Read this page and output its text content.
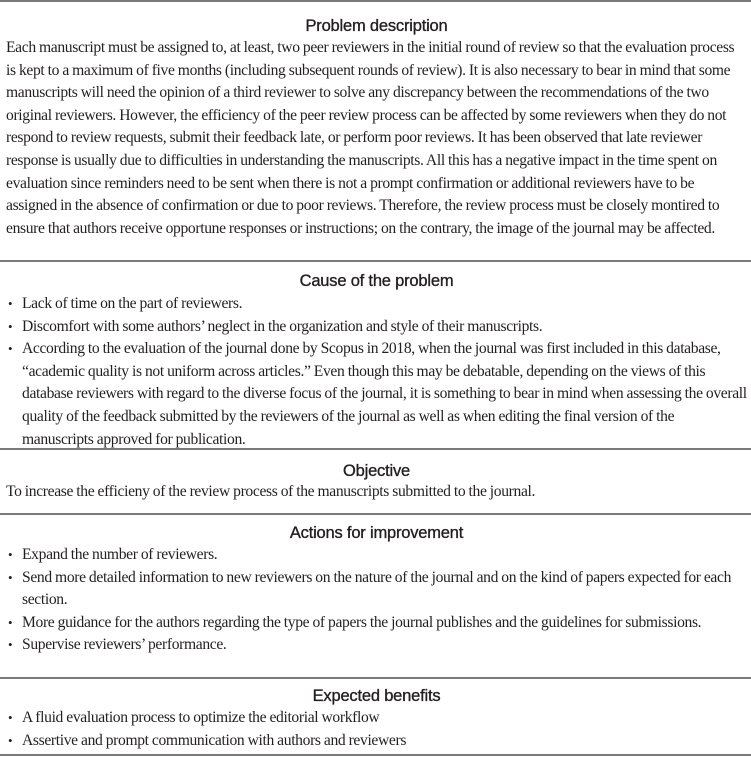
Problem description

Each manuscript must be assigned to, at least, two peer reviewers in the initial round of review so that the evaluation process is kept to a maximum of five months (including subsequent rounds of review). It is also necessary to bear in mind that some manuscripts will need the opinion of a third reviewer to solve any discrepancy between the recommendations of the two original reviewers. However, the efficiency of the peer review process can be affected by some reviewers when they do not respond to review requests, submit their feedback late, or perform poor reviews. It has been observed that late reviewer response is usually due to difficulties in understanding the manuscripts. All this has a negative impact in the time spent on evaluation since reminders need to be sent when there is not a prompt confirmation or additional reviewers have to be assigned in the absence of confirmation or due to poor reviews. Therefore, the review process must be closely montired to ensure that authors receive opportune responses or instructions; on the contrary, the image of the journal may be affected.

Cause of the problem
• Lack of time on the part of reviewers.
• Discomfort with some authors’ neglect in the organization and style of their manuscripts.
• According to the evaluation of the journal done by Scopus in 2018, when the journal was first included in this database, “academic quality is not uniform across articles.” Even though this may be debatable, depending on the views of this database reviewers with regard to the diverse focus of the journal, it is something to bear in mind when assessing the overall quality of the feedback submitted by the reviewers of the journal as well as when editing the final version of the manuscripts approved for publication.
Objective

To increase the efficieny of the review process of the manuscripts submitted to the journal.

Actions for improvement
• Expand the number of reviewers.
• Send more detailed information to new reviewers on the nature of the journal and on the kind of papers expected for each section.
• More guidance for the authors regarding the type of papers the journal publishes and the guidelines for submissions.
• Supervise reviewers’ performance.
Expected benefits
• A fluid evaluation process to optimize the editorial workflow
• Assertive and prompt communication with authors and reviewers
